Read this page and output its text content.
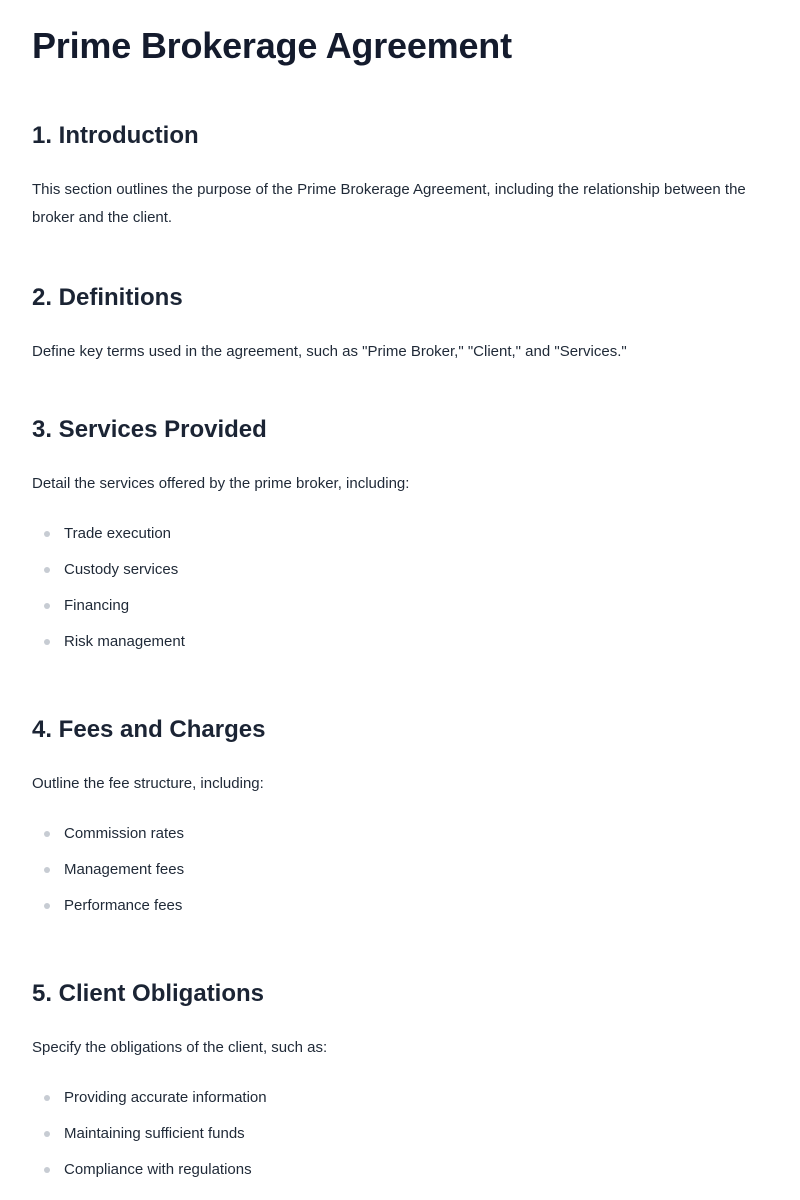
Prime Brokerage Agreement
1. Introduction

This section outlines the purpose of the Prime Brokerage Agreement, including the relationship between the broker and the client.

2. Definitions

Define key terms used in the agreement, such as "Prime Broker," "Client," and "Services."

3. Services Provided

Detail the services offered by the prime broker, including:

Trade execution
Custody services
Financing
Risk management
4. Fees and Charges

Outline the fee structure, including:

Commission rates
Management fees
Performance fees
5. Client Obligations

Specify the obligations of the client, such as:

Providing accurate information
Maintaining sufficient funds
Compliance with regulations
